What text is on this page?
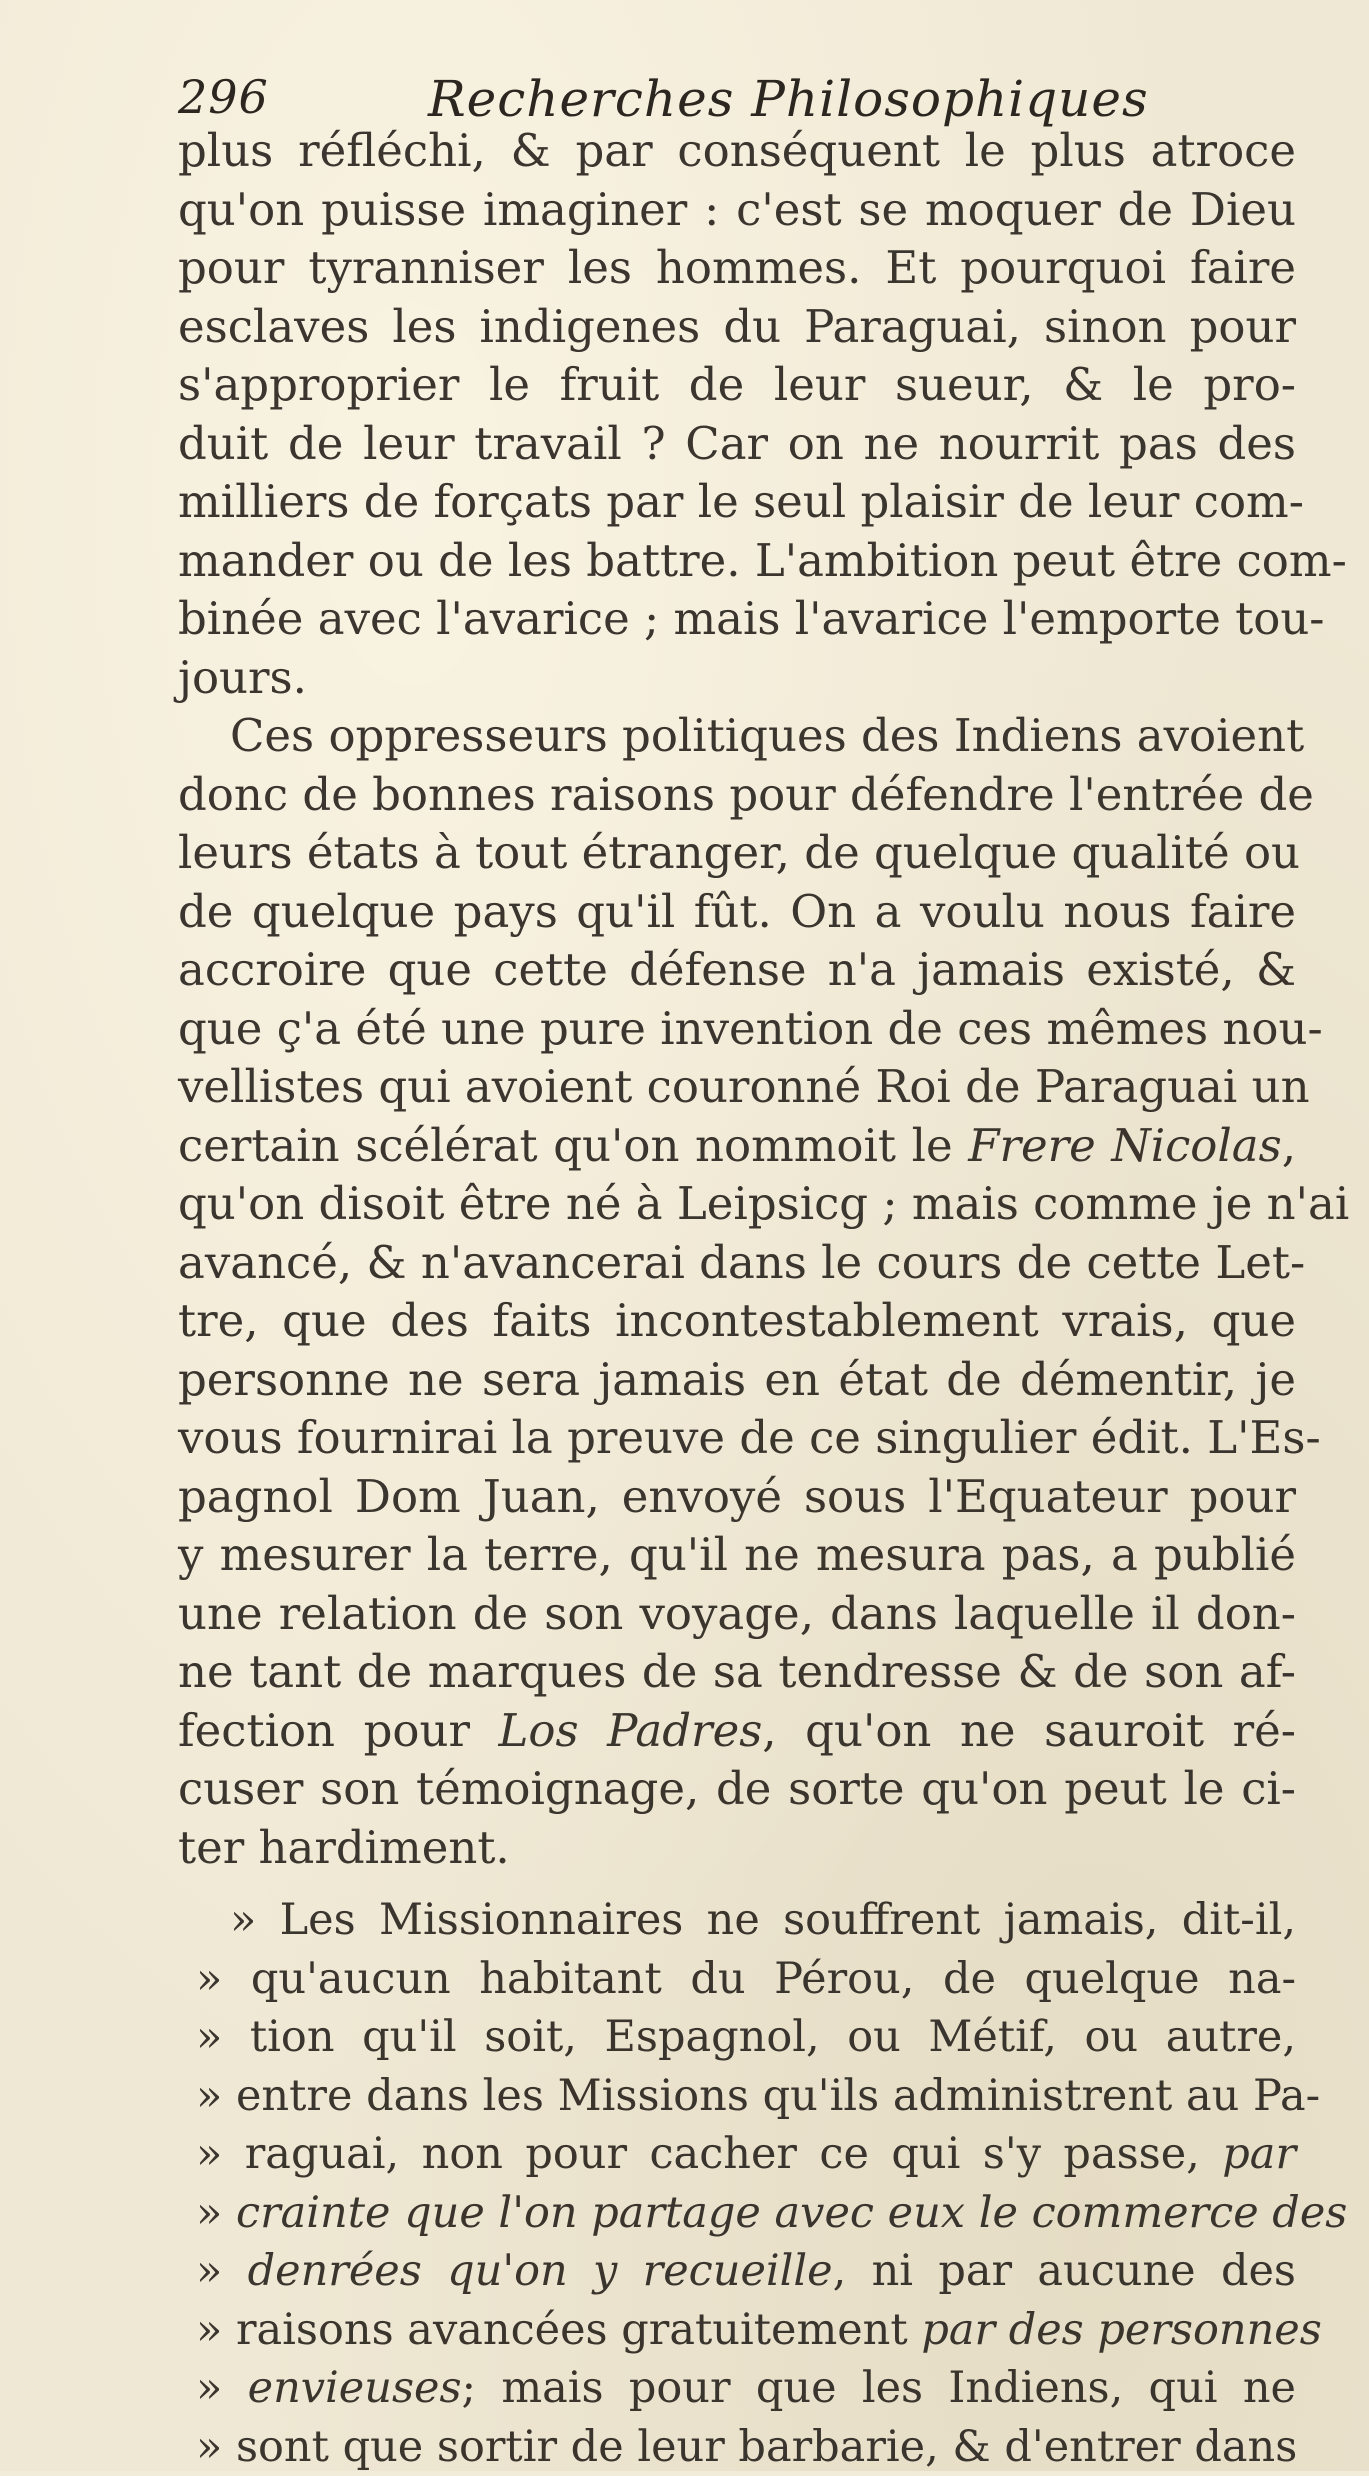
296	Recherches Philosophiques
plus réfléchi, & par conséquent le plus atroce
qu'on puisse imaginer : c'est se moquer de Dieu
pour tyranniser les hommes. Et pourquoi faire
esclaves les indigenes du Paraguai, sinon pour
s'approprier le fruit de leur sueur, & le pro-
duit de leur travail ? Car on ne nourrit pas des
milliers de forçats par le seul plaisir de leur com-
mander ou de les battre. L'ambition peut être com-
binée avec l'avarice ; mais l'avarice l'emporte tou-
jours.
Ces oppresseurs politiques des Indiens avoient
donc de bonnes raisons pour défendre l'entrée de
leurs états à tout étranger, de quelque qualité ou
de quelque pays qu'il fût. On a voulu nous faire
accroire que cette défense n'a jamais existé, &
que ç'a été une pure invention de ces mêmes nou-
vellistes qui avoient couronné Roi de Paraguai un
certain scélérat qu'on nommoit le Frere Nicolas,
qu'on disoit être né à Leipsicg ; mais comme je n'ai
avancé, & n'avancerai dans le cours de cette Let-
tre, que des faits incontestablement vrais, que
personne ne sera jamais en état de démentir, je
vous fournirai la preuve de ce singulier édit. L'Es-
pagnol Dom Juan, envoyé sous l'Equateur pour
y mesurer la terre, qu'il ne mesura pas, a publié
une relation de son voyage, dans laquelle il don-
ne tant de marques de sa tendresse & de son af-
fection pour Los Padres, qu'on ne sauroit ré-
cuser son témoignage, de sorte qu'on peut le ci-
ter hardiment.
» Les Missionnaires ne souffrent jamais, dit-il,
» qu'aucun habitant du Pérou, de quelque na-
» tion qu'il soit, Espagnol, ou Métif, ou autre,
» entre dans les Missions qu'ils administrent au Pa-
» raguai, non pour cacher ce qui s'y passe, par
» crainte que l'on partage avec eux le commerce des
» denrées qu'on y recueille, ni par aucune des
» raisons avancées gratuitement par des personnes
» envieuses; mais pour que les Indiens, qui ne
» sont que sortir de leur barbarie, & d'entrer dans
